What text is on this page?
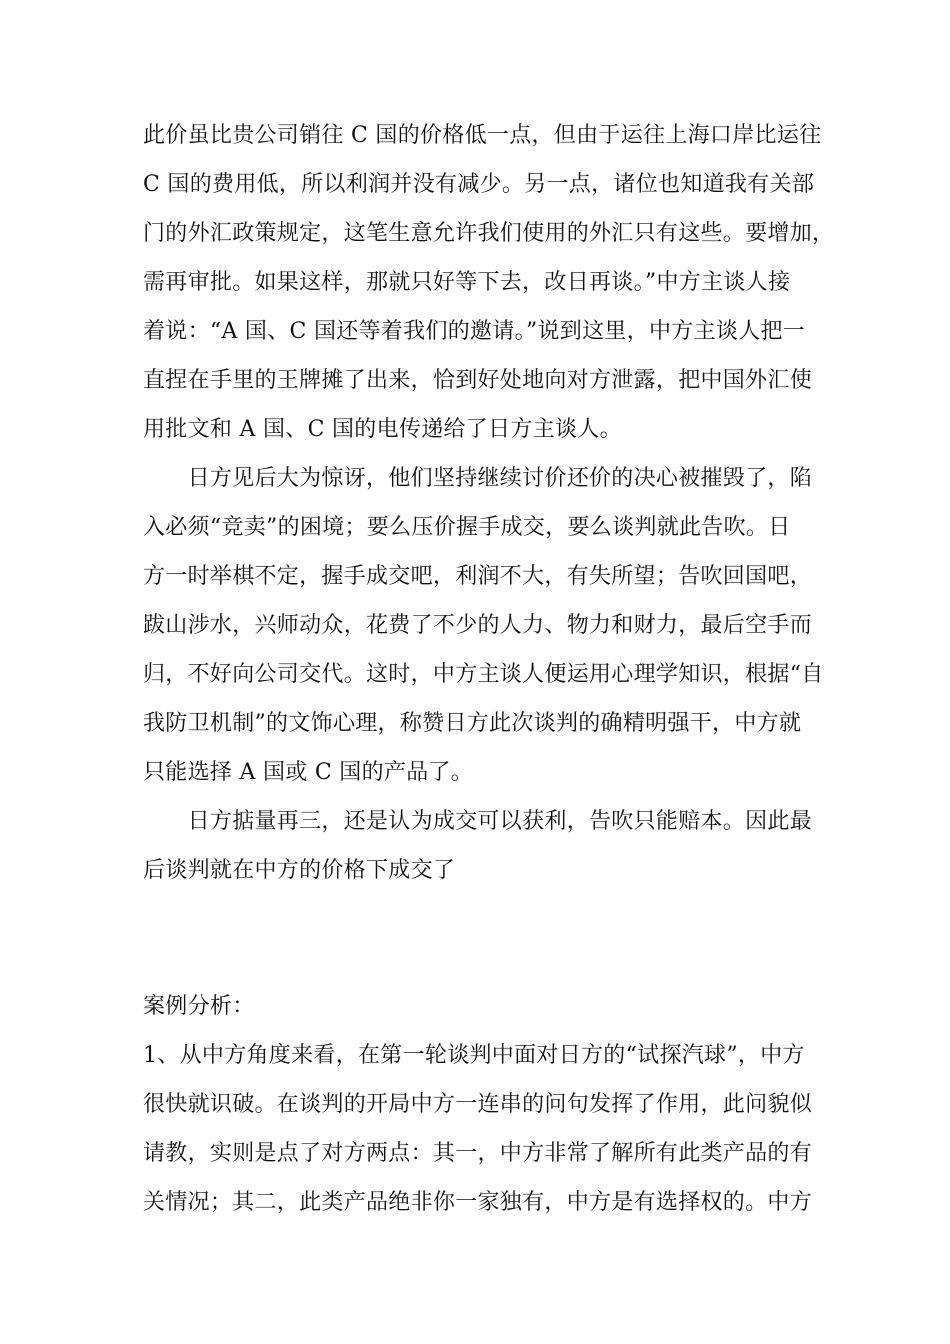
此价虽比贵公司销往 C 国的价格低一点，但由于运往上海口岸比运往
C 国的费用低，所以利润并没有减少。另一点，诸位也知道我有关部
门的外汇政策规定，这笔生意允许我们使用的外汇只有这些。要增加，
需再审批。如果这样，那就只好等下去，改日再谈。”中方主谈人接
着说：“A 国、C 国还等着我们的邀请。”说到这里，中方主谈人把一
直捏在手里的王牌摊了出来，恰到好处地向对方泄露，把中国外汇使
用批文和 A 国、C 国的电传递给了日方主谈人。
　　日方见后大为惊讶，他们坚持继续讨价还价的决心被摧毁了，陷
入必须“竞卖”的困境；要么压价握手成交，要么谈判就此告吹。日
方一时举棋不定，握手成交吧，利润不大，有失所望；告吹回国吧，
跋山涉水，兴师动众，花费了不少的人力、物力和财力，最后空手而
归，不好向公司交代。这时，中方主谈人便运用心理学知识，根据“自
我防卫机制”的文饰心理，称赞日方此次谈判的确精明强干，中方就
只能选择 A 国或 C 国的产品了。
　　日方掂量再三，还是认为成交可以获利，告吹只能赔本。因此最
后谈判就在中方的价格下成交了
案例分析：
1、从中方角度来看，在第一轮谈判中面对日方的“试探汽球”，中方
很快就识破。在谈判的开局中方一连串的问句发挥了作用，此问貌似
请教，实则是点了对方两点：其一，中方非常了解所有此类产品的有
关情况；其二，此类产品绝非你一家独有，中方是有选择权的。中方
